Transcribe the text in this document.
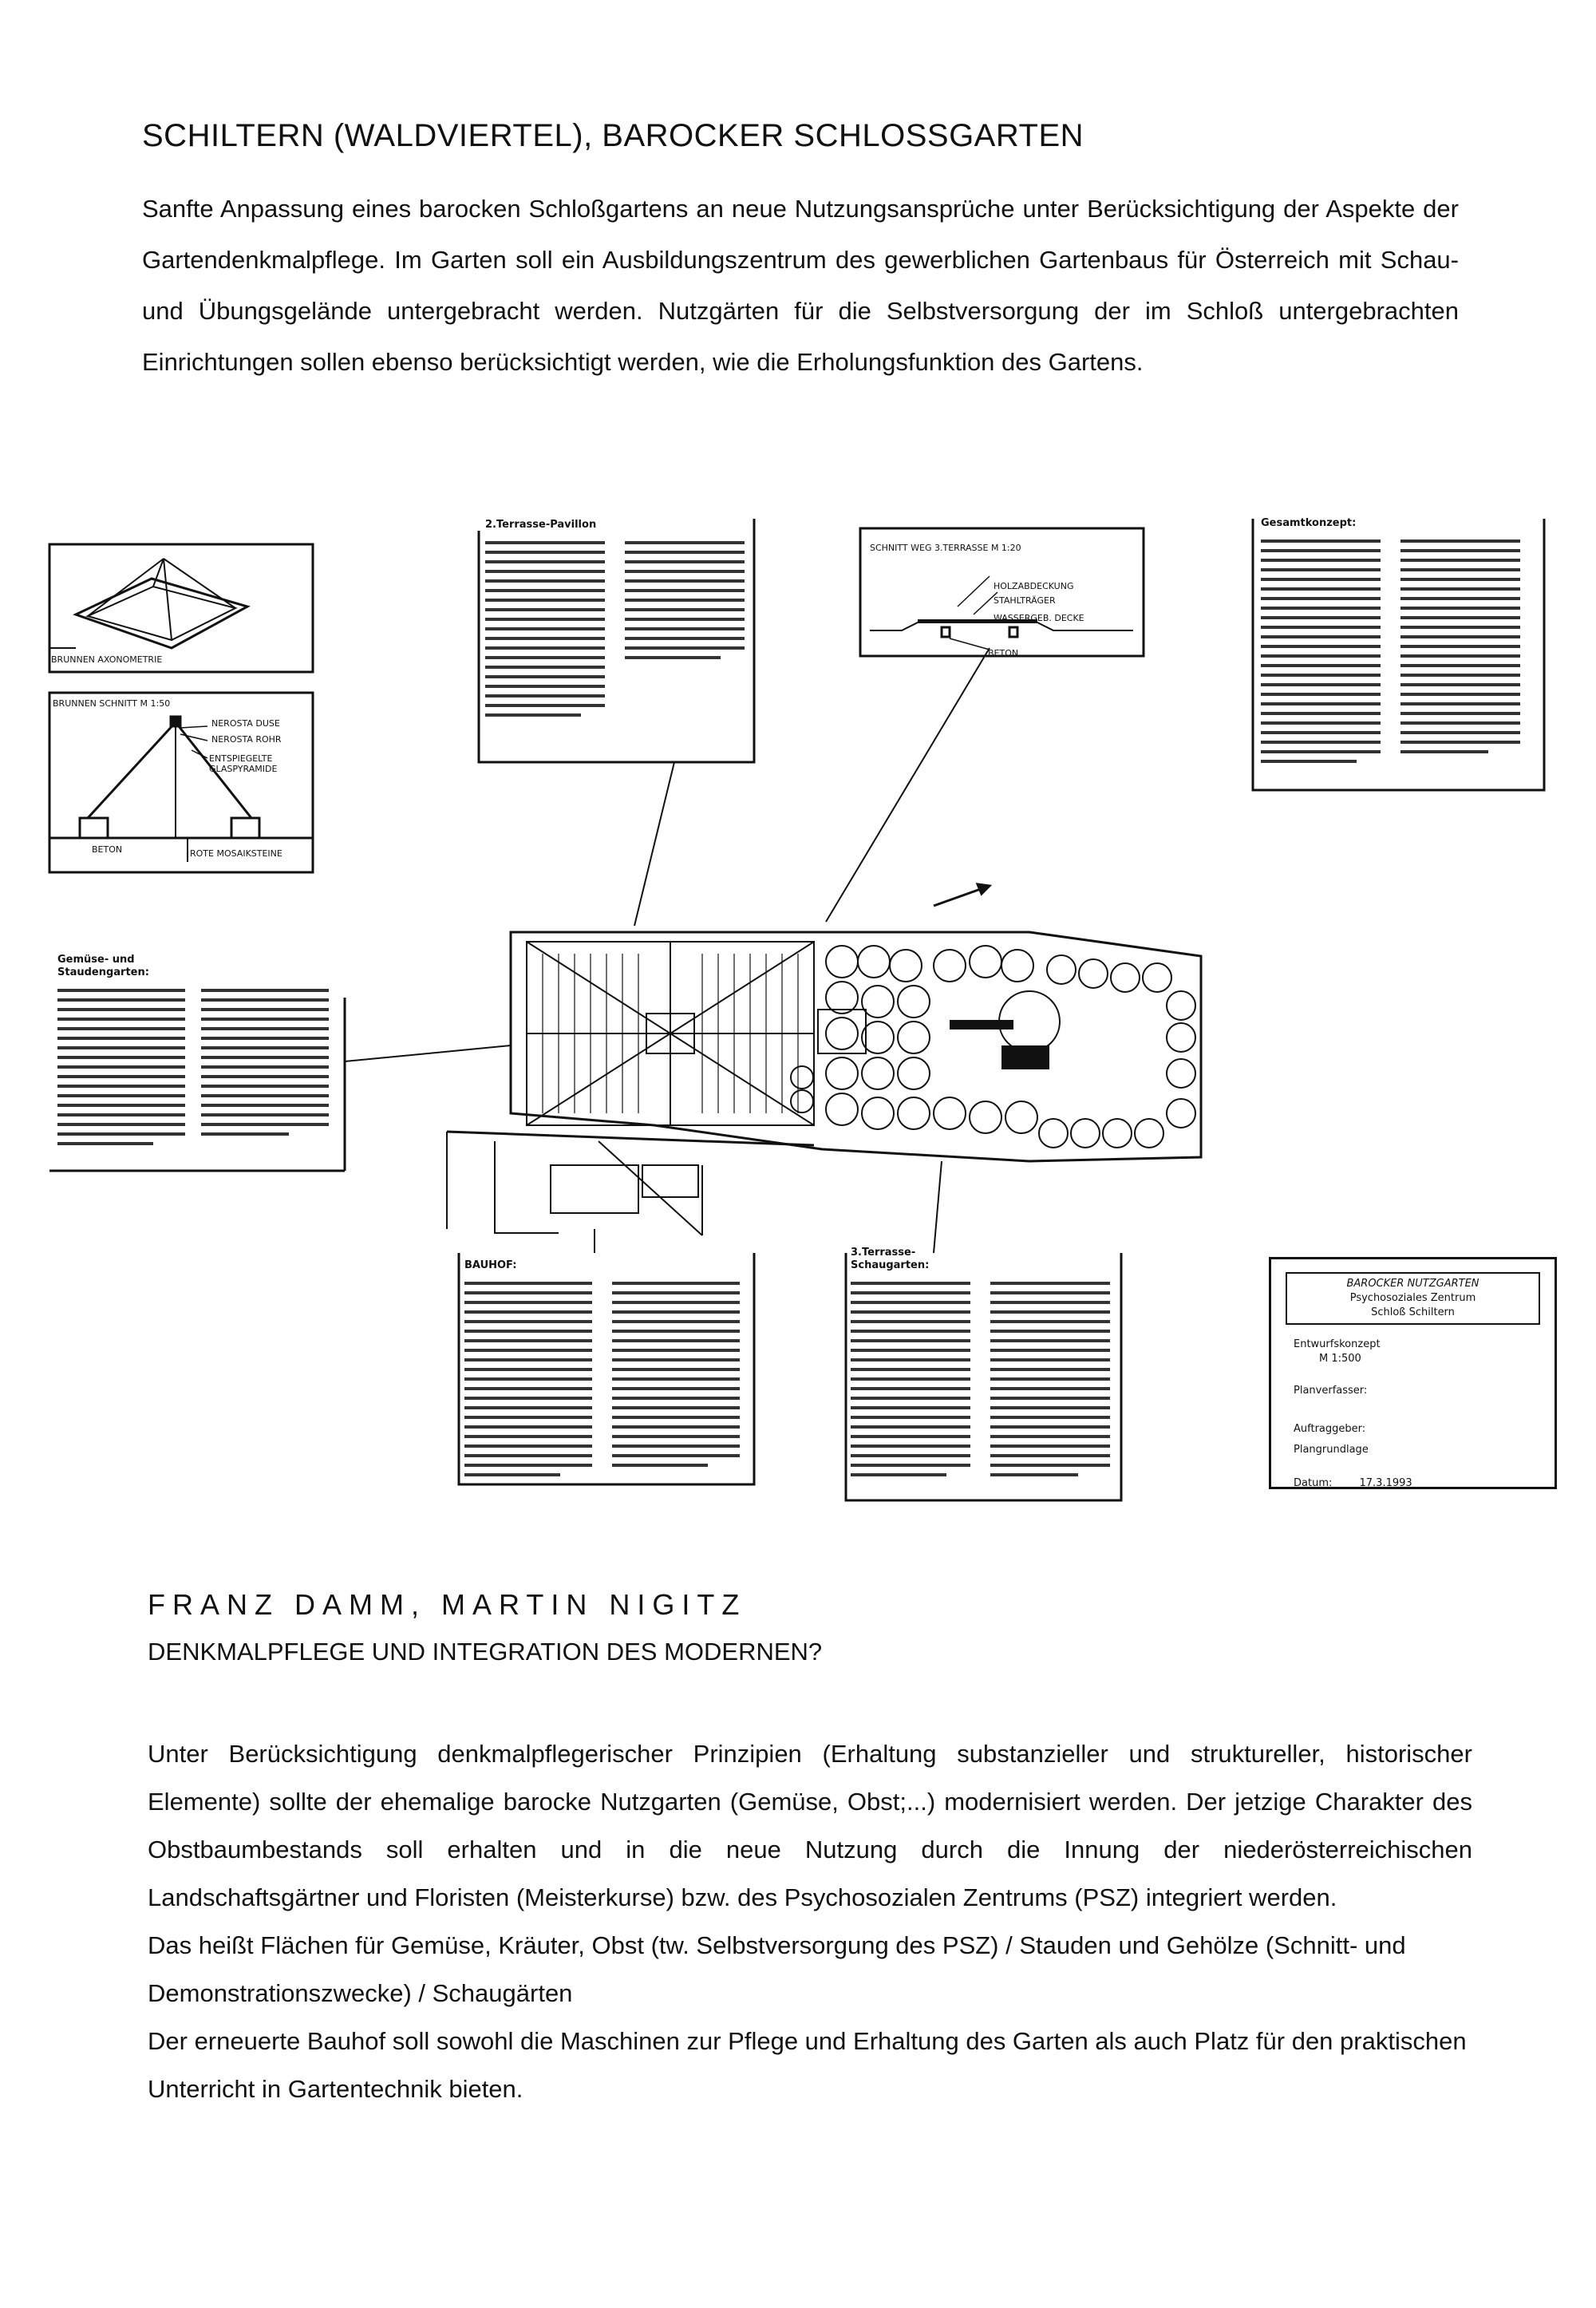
SCHILTERN (WALDVIERTEL), BAROCKER SCHLOSSGARTEN
Sanfte Anpassung eines barocken Schloßgartens an neue Nutzungsansprüche unter Berücksichtigung der Aspekte der Gartendenkmalpflege. Im Garten soll ein Ausbildungszentrum des gewerblichen Gartenbaus für Österreich mit Schau- und Übungsgelände untergebracht werden. Nutzgärten für die Selbstversorgung der im Schloß untergebrachten Einrichtungen sollen ebenso berücksichtigt werden, wie die Erholungsfunktion des Gartens.
BRUNNEN AXONOMETRIE
BRUNNEN SCHNITT M 1:50
NEROSTA DUSE
NEROSTA ROHR
ENTSPIEGELTE GLASPYRAMIDE
BETON	ROTE MOSAIKSTEINE
SCHNITT WEG 3.TERRASSE M 1:20
HOLZABDECKUNG
STAHLTRÄGER
WASSERGEB. DECKE
BETON
2.Terrasse-Pavillon	Gesamtkonzept:
Gemüse- und Staudengarten:
BAUHOF:
3.Terrasse-Schaugarten:
BAROCKER NUTZGARTEN
Psychosoziales Zentrum
Schloß Schiltern
Entwurfskonzept
M 1:500
Planverfasser:
Auftraggeber:
Plangrundlage
Datum:	17.3.1993
FRANZ DAMM, MARTIN NIGITZ
DENKMALPFLEGE UND INTEGRATION DES MODERNEN?

Unter Berücksichtigung denkmalpflegerischer Prinzipien (Erhaltung substanzieller und struktureller, historischer Elemente) sollte der ehemalige barocke Nutzgarten (Gemüse, Obst;...) modernisiert werden. Der jetzige Charakter des Obstbaumbestands soll erhalten und in die neue Nutzung durch die Innung der niederösterreichischen Landschaftsgärtner und Floristen (Meisterkurse) bzw. des Psychosozialen Zentrums (PSZ) integriert werden.

Das heißt Flächen für Gemüse, Kräuter, Obst (tw. Selbstversorgung des PSZ) / Stauden und Gehölze (Schnitt- und Demonstrationszwecke) / Schaugärten

Der erneuerte Bauhof soll sowohl die Maschinen zur Pflege und Erhaltung des Garten als auch Platz für den praktischen Unterricht in Gartentechnik bieten.
